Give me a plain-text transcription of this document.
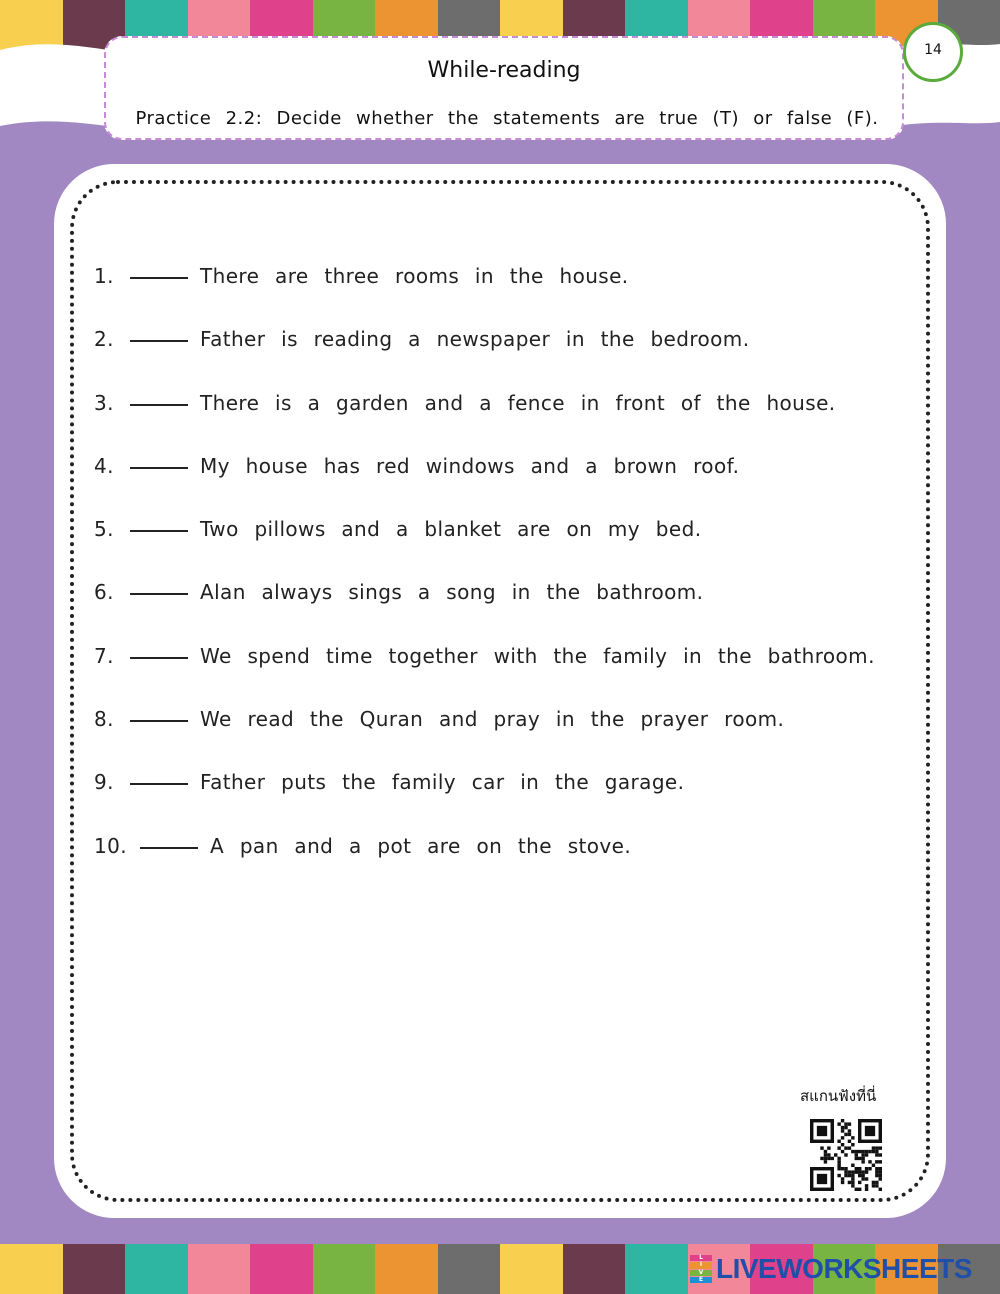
While-reading
Practice 2.2: Decide whether the statements are true (T) or false (F).
14
1.	There are three rooms in the house.
2.	Father is reading a newspaper in the bedroom.
3.	There is a garden and a fence in front of the house.
4.	My house has red windows and a brown roof.
5.	Two pillows and a blanket are on my bed.
6.	Alan always sings a song in the bathroom.
7.	We spend time together with the family in the bathroom.
8.	We read the Quran and pray in the prayer room.
9.	Father puts the family car in the garage.
10.	A pan and a pot are on the stove.
สแกนฟังที่นี่
L
I
V
E LIVEWORKSHEETS
